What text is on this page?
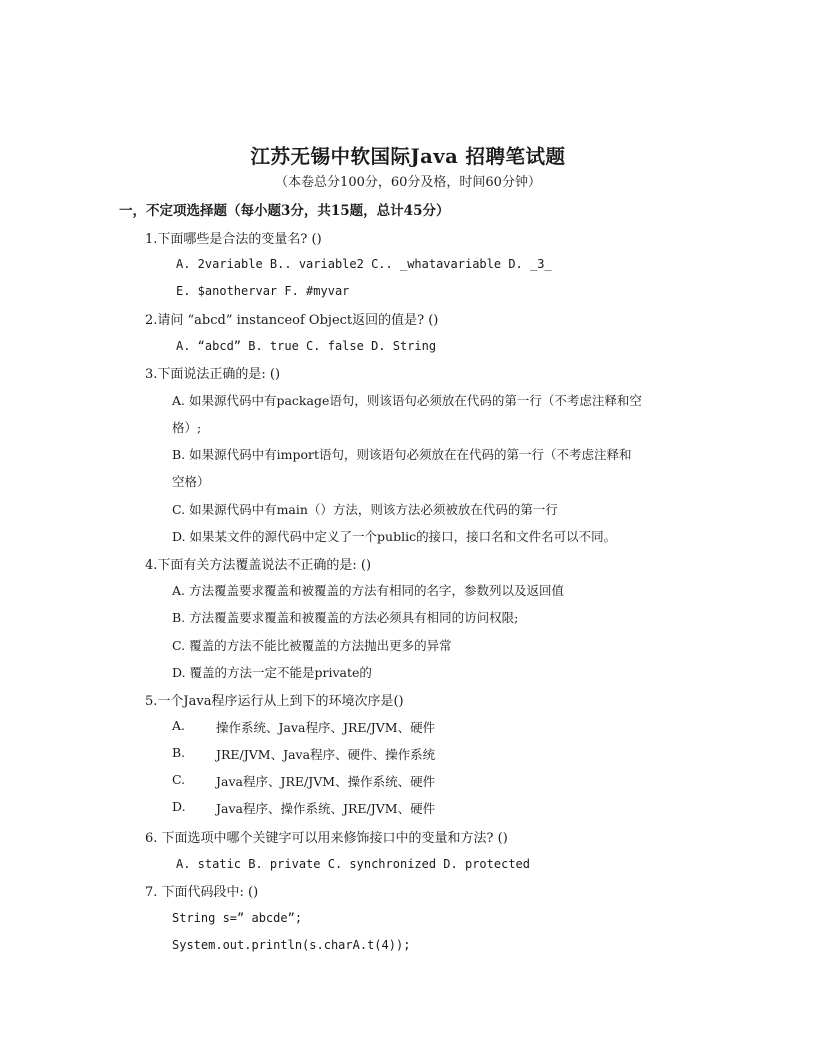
江苏无锡中软国际Java 招聘笔试题
（本卷总分100分，60分及格，时间60分钟）
一，不定项选择题（每小题3分，共15题，总计45分）
1.下面哪些是合法的变量名? ()
A. 2variable B.. variable2 C.. _whatavariable D. _3_
E. $anothervar F. #myvar
2.请问 “abcd” instanceof Object返回的值是? ()
A. “abcd” B. true C. false D. String
3.下面说法正确的是: ()
A. 如果源代码中有package语句，则该语句必须放在代码的第一行（不考虑注释和空
格）;
B. 如果源代码中有import语句，则该语句必须放在在代码的第一行（不考虑注释和
空格）
C. 如果源代码中有main（）方法，则该方法必须被放在代码的第一行
D. 如果某文件的源代码中定义了一个public的接口，接口名和文件名可以不同。
4.下面有关方法覆盖说法不正确的是: ()
A. 方法覆盖要求覆盖和被覆盖的方法有相同的名字，参数列以及返回值
B. 方法覆盖要求覆盖和被覆盖的方法必须具有相同的访问权限;
C. 覆盖的方法不能比被覆盖的方法抛出更多的异常
D. 覆盖的方法一定不能是private的
5.一个Java程序运行从上到下的环境次序是()
A. 操作系统、Java程序、JRE/JVM、硬件
B. JRE/JVM、Java程序、硬件、操作系统
C. Java程序、JRE/JVM、操作系统、硬件
D. Java程序、操作系统、JRE/JVM、硬件
6. 下面选项中哪个关键字可以用来修饰接口中的变量和方法? ()
A. static B. private C. synchronized D. protected
7. 下面代码段中: ()
String s=” abcde”;
System.out.println(s.charA.t(4));
